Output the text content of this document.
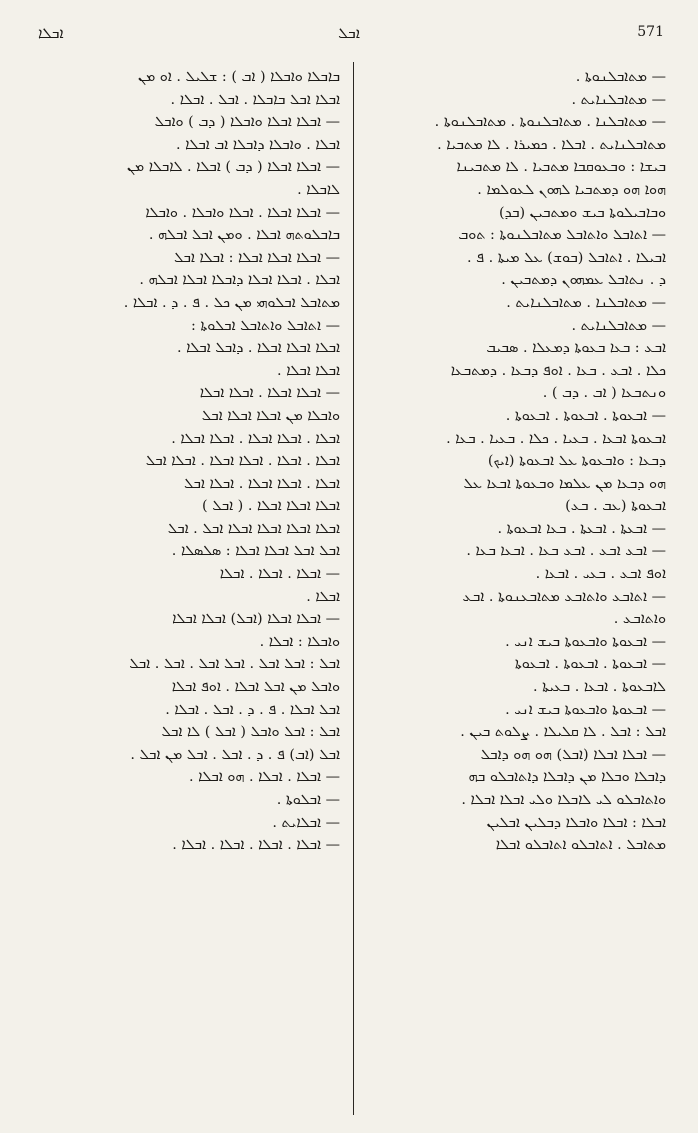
ܐܒܠܐ	ܐܒܠ	571
— ܡܬܐܒܠܢܘܬܐ .
— ܡܬܐܒܠܢܐܝܬ .
— ܡܬܐܒܠܢܐ . ܡܬܐܒܠܢܘܬܐ . ܡܬܐܒܠܢܘܬܐ .
ܡܬܐܒܠܢܐܝܬ . ܐܒܠܐ . ܟܡܝܪܐ . ܠܐ ܡܬܒܝܐ .
ܒܝܫܐ : ܘܒܥܘܩܒܐ ܡܬܒܝܐ . ܠܐ ܡܬܒܝܢܐ
ܗܘܐ ܗܘ ܕܡܬܒܝܐ ܠܗܘܢ ܠܥܘܠܡܐ .
ܘܒܐܒܝܠܘܬܐ ܒܝܫ ܘܡܬܒܝܢ (ܒܕ)
— ܐܬܐܒܠ ܘܐܬܐܒܠ ܡܬܐܒܠܢܘܬܐ : ܬܘܒ
ܐܒܝܠܐ . ܐܬܐܒܠ (ܒܘܫ) ܥܠ ܡܝܬܐ . ܦ .
ܕ . ܢܬܐܒܠ ܥܡܗܘܢ ܕܡܬܒܝܢ .
— ܡܬܐܒܠܢܐ . ܡܬܐܒܠܢܐܝܬ .
— ܡܬܐܒܠܢܐܝܬ .
ܐܒܥ : ܒܥܐ ܒܥܘܬܐ ܕܡܥܠܐ . ܣܒܝܒ
ܟܠܐ . ܐܒܥ . ܒܥܐ . ܐܘܦ ܕܒܥܐ . ܕܡܬܒܥܐ
ܘܢܬܒܥܐ ( ܐܒ . ܕܒ ) .
— ܐܒܥܘܬܐ . ܐܒܥܘܬܐ . ܐܒܥܘܬܐ .
ܐܒܥܘܬܐ ܐܒܥܐ . ܒܥܝܐ . ܟܠܐ . ܒܥܝܐ . ܒܥܐ .
ܕܒܥܐ : ܘܐܒܥܘܬܐ ܥܠ ܐܒܥܘܬܐ (ܐܝܟ)
ܗܘ ܕܒܥܐ ܡܢ ܥܠܡܐ ܘܒܥܘܬܐ ܐܒܥܐ ܥܠ
ܐܒܥܘܬܐ (ܥܒ . ܒܥ)
— ܐܒܥܬܐ . ܐܒܥܬܐ . ܒܥܐ ܐܒܥܘܬܐ .
— ܐܒܥ ܐܒܥ . ܐܒܥ ܒܥܐ . ܐܒܥܐ ܒܥܐ .
ܐܘܦ ܐܒܥ . ܒܥܝ . ܐܒܥܐ .
— ܐܬܐܒܥ ܘܐܬܐܒܥ ܡܬܐܒܥܢܘܬܐ . ܐܒܥ
ܘܐܬܐܒܥ .
— ܐܒܥܘܬܐ ܘܐܒܥܘܬܐ ܒܝܫ ܐܢܝ .
— ܐܒܥܘܬܐ . ܐܒܥܘܬܐ . ܐܒܥܘܬܐ
ܠܐܒܥܘܬܐ . ܐܒܥܐ . ܒܥܝܬܐ .
— ܐܒܥܘܬܐ ܘܐܒܥܘܬܐ ܒܝܫ ܐܢܝ .
ܐܒܠ : ܐܒܠ . ܠܐ ܩܠܝܠܐ . ܨܠܘܬ ܒܝܢ .
— ܐܒܠܐ ܐܒܠܐ (ܐܒܠ) ܗܘ ܗܘ ܕܐܒܠ
ܕܐܒܠܐ ܘܒܠܐ ܡܢ ܕܐܒܠܐ ܕܐܬܐܒܠܘ ܒܗ
ܘܐܬܐܒܠܘ ܠܝ ܠܐܒܠܐ ܘܠܝ ܐܒܠܐ ܐܒܠܐ .
ܐܒܠܐ : ܐܒܠܐ ܘܐܒܠܐ ܕܒܠܝܢ ܐܒܠܝܢ
ܡܬܐܒܠ . ܐܬܐܒܠܘ ܐܬܐܒܠܘ ܐܒܠܐ
ܒܐܒܠܐ ܘܐܒܠܐ ( ܐܒ ) : ܫܠܝܠ . ܐܘ ܡܢ
ܐܒܠܐ ܐܒܠ ܒܐܒܠܐ . ܐܒܠ . ܐܒܠܐ .
— ܐܒܠܐ ܐܒܠܐ ܘܐܒܠܐ ( ܕܒ ) ܘܐܒܠ
ܐܒܠܐ . ܘܐܒܠܐ ܕܐܒܠܐ ܐܒ ܐܒܠܐ .
— ܐܒܠܐ ܐܒܠܐ ( ܕܒ ) ܐܒܠܐ . ܠܐܒܠܐ ܡܢ
ܠܐܒܠܐ .
— ܐܒܠܐ ܐܒܠܐ . ܐܒܠܐ ܘܐܒܠܐ . ܘܐܒܠܐ
ܒܐܒܠܘܬܗ ܐܒܠܐ . ܘܡܢ ܐܒܠ ܐܒܠܗ .
— ܐܒܠܐ ܐܒܠܐ ܐܒܠܐ : ܐܒܠܐ ܐܒܠ
ܐܒܠܐ . ܐܒܠܐ ܐܒܠܐ ܕܐܒܠܐ ܐܒܠܐ ܐܒܠܗ .
ܡܬܐܒܠ ܐܒܠܘܗܝ ܡܢ ܟܠ . ܦ . ܕ . ܐܒܠܐ .
— ܐܬܐܒܠ ܘܐܬܐܒܠ ܐܒܠܘܬܐ :
ܐܒܠܐ ܐܒܠܐ ܐܒܠܐ . ܕܐܒܠ ܐܒܠܐ .
ܐܒܠܐ ܐܒܠܐ .
— ܐܒܠܐ ܐܒܠܐ . ܐܒܠܐ ܐܒܠܐ
ܘܐܒܠܐ ܡܢ ܐܒܠܐ ܐܒܠܐ ܐܒܠ
ܐܒܠܐ . ܐܒܠܐ ܐܒܠܐ . ܐܒܠܐ ܐܒܠܐ .
ܐܒܠܐ . ܐܒܠܐ . ܐܒܠܐ ܐܒܠܐ . ܐܒܠܐ ܐܒܠ
ܐܒܠܐ . ܐܒܠܐ ܐܒܠܐ . ܐܒܠܐ ܐܒܠ
ܐܒܠܐ ܐܒܠܐ ܐܒܠܐ . ( ܐܒܠ )
ܐܒܠܐ ܐܒܠܐ ܐܒܠܐ ܐܒܠܐ ܐܒܠ . ܐܒܠ
ܐܒܠ ܐܒܠ ܐܒܠܐ ܐܒܠܐ : ܣܠܣܠܐ .
— ܐܒܠܐ . ܐܒܠܐ . ܐܒܠܐ
ܐܒܠܐ .
— ܐܒܠܐ ܐܒܠܐ (ܐܒܠ) ܐܒܠܐ ܐܒܠܐ
ܘܐܒܠܐ : ܐܒܠܐ .
ܐܒܠ : ܐܒܠ ܐܒܠ . ܐܒܠ ܐܒܠ . ܐܒܠ . ܐܒܠ
ܘܐܒܠ ܡܢ ܐܒܠ ܐܒܠܐ . ܐܘܦ ܐܒܠܐ
ܐܒܠ ܐܒܠܐ . ܦ . ܕ . ܐܒܠ . ܐܒܠܐ .
ܐܒܠ : ܐܒܠ ܘܐܒܠ ( ܐܒܠ ) ܠܐ ܐܒܠ
ܐܒܠ (ܐܒ) ܦ . ܕ . ܐܒܠ . ܐܒܠ ܡܢ ܐܒܠ .
— ܐܒܠܐ . ܐܒܠܐ . ܗܘ ܐܒܠܐ .
— ܐܒܠܘܬܐ .
— ܐܒܠܐܝܬ .
— ܐܒܠܐ . ܐܒܠܐ . ܐܒܠܐ . ܐܒܠܐ .
